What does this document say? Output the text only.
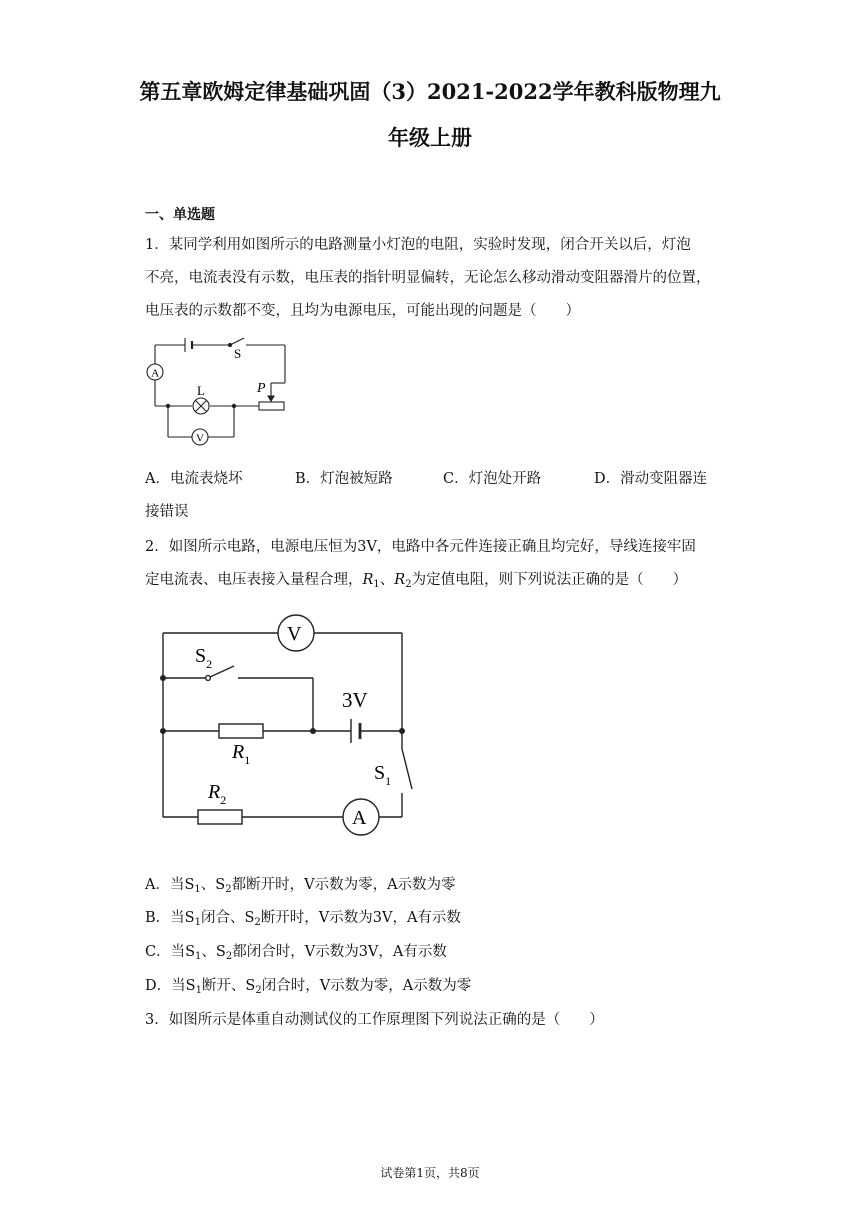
第五章欧姆定律基础巩固（3）2021-2022学年教科版物理九
年级上册
一、单选题
1．某同学利用如图所示的电路测量小灯泡的电阻，实验时发现，闭合开关以后，灯泡
不亮，电流表没有示数，电压表的指针明显偏转，无论怎么移动滑动变阻器滑片的位置，
电压表的示数都不变，且均为电源电压，可能出现的问题是（　　）
S
A
L	P
V
A．电流表烧坏	B．灯泡被短路	C．灯泡处开路	D．滑动变阻器连
接错误
2．如图所示电路，电源电压恒为3V，电路中各元件连接正确且均完好，导线连接牢固
定电流表、电压表接入量程合理，$R_1$、$R_2$为定值电阻，则下列说法正确的是（　　）
V
A
3V
$S_2$
$S_1$
$R_1$
$R_2$
A．当$S_1$、$S_2$都断开时，V示数为零，A示数为零
B．当$S_1$闭合、$S_2$断开时，V示数为3V，A有示数
C．当$S_1$、$S_2$都闭合时，V示数为3V，A有示数
D．当$S_1$断开、$S_2$闭合时，V示数为零，A示数为零
3．如图所示是体重自动测试仪的工作原理图下列说法正确的是（　　）
试卷第1页，共8页
